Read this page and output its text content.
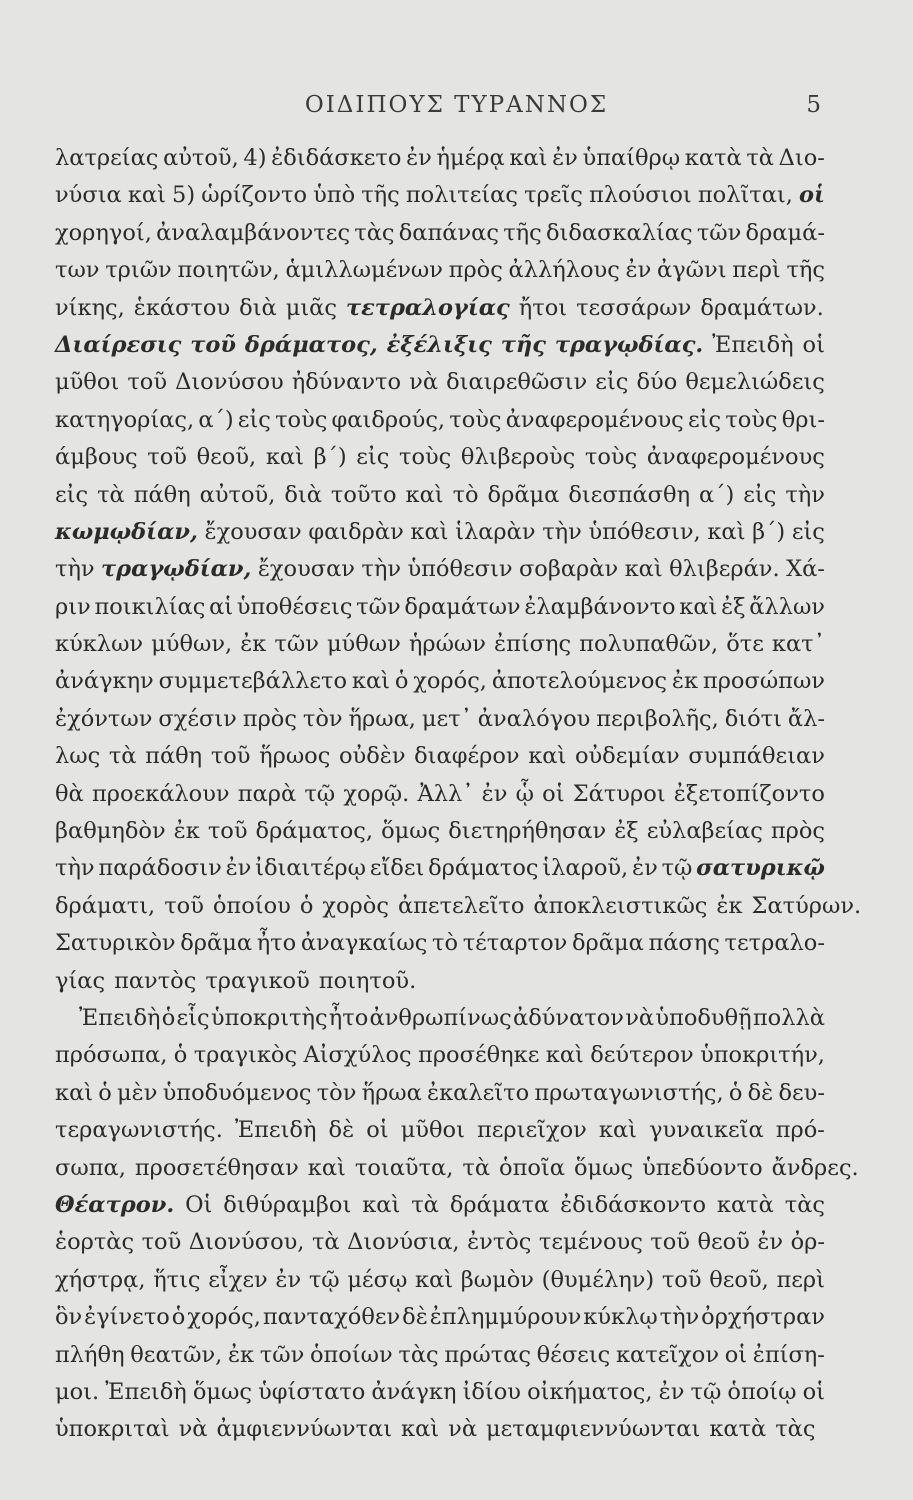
ΟΙΔΙΠΟΥΣ ΤΥΡΑΝΝΟΣ	5
λατρείας αὐτοῦ, 4) ἐδιδάσκετο ἐν ἡμέρᾳ καὶ ἐν ὑπαίθρῳ κατὰ τὰ Διο-
νύσια καὶ 5) ὡρίζοντο ὑπὸ τῆς πολιτείας τρεῖς πλούσιοι πολῖται, οἱ
χορηγοί, ἀναλαμβάνοντες τὰς δαπάνας τῆς διδασκαλίας τῶν δραμά-
των τριῶν ποιητῶν, ἁμιλλωμένων πρὸς ἀλλήλους ἐν ἀγῶνι περὶ τῆς
νίκης, ἑκάστου διὰ μιᾶς τετραλογίας ἤτοι τεσσάρων δραμάτων.
Διαίρεσις τοῦ δράματος, ἐξέλιξις τῆς τραγῳδίας. Ἐπειδὴ οἱ
μῦθοι τοῦ Διονύσου ἠδύναντο νὰ διαιρεθῶσιν εἰς δύο θεμελιώδεις
κατηγορίας, α΄) εἰς τοὺς φαιδρούς, τοὺς ἀναφερομένους εἰς τοὺς θρι-
άμβους τοῦ θεοῦ, καὶ β΄) εἰς τοὺς θλιβεροὺς τοὺς ἀναφερομένους
εἰς τὰ πάθη αὐτοῦ, διὰ τοῦτο καὶ τὸ δρᾶμα διεσπάσθη α΄) εἰς τὴν
κωμῳδίαν, ἔχουσαν φαιδρὰν καὶ ἱλαρὰν τὴν ὑπόθεσιν, καὶ β΄) εἰς
τὴν τραγῳδίαν, ἔχουσαν τὴν ὑπόθεσιν σοβαρὰν καὶ θλιβεράν. Χά-
ριν ποικιλίας αἱ ὑποθέσεις τῶν δραμάτων ἐλαμβάνοντο καὶ ἐξ ἄλλων
κύκλων μύθων, ἐκ τῶν μύθων ἡρώων ἐπίσης πολυπαθῶν, ὅτε κατ᾿
ἀνάγκην συμμετεβάλλετο καὶ ὁ χορός, ἀποτελούμενος ἐκ προσώπων
ἐχόντων σχέσιν πρὸς τὸν ἥρωα, μετ᾿ ἀναλόγου περιβολῆς, διότι ἄλ-
λως τὰ πάθη τοῦ ἥρωος οὐδὲν διαφέρον καὶ οὐδεμίαν συμπάθειαν
θὰ προεκάλουν παρὰ τῷ χορῷ. Ἀλλ᾿ ἐν ᾧ οἱ Σάτυροι ἐξετοπίζοντο
βαθμηδὸν ἐκ τοῦ δράματος, ὅμως διετηρήθησαν ἐξ εὐλαβείας πρὸς
τὴν παράδοσιν ἐν ἰδιαιτέρῳ εἴδει δράματος ἱλαροῦ, ἐν τῷ σατυρικῷ
δράματι, τοῦ ὁποίου ὁ χορὸς ἀπετελεῖτο ἀποκλειστικῶς ἐκ Σατύρων.
Σατυρικὸν δρᾶμα ἦτο ἀναγκαίως τὸ τέταρτον δρᾶμα πάσης τετραλο-
γίας παντὸς τραγικοῦ ποιητοῦ.
Ἐπειδὴ ὁ εἷς ὑποκριτὴς ἦτο ἀνθρωπίνως ἀδύνατον νὰ ὑποδυθῇ πολλὰ
πρόσωπα, ὁ τραγικὸς Αἰσχύλος προσέθηκε καὶ δεύτερον ὑποκριτήν,
καὶ ὁ μὲν ὑποδυόμενος τὸν ἥρωα ἐκαλεῖτο πρωταγωνιστής, ὁ δὲ δευ-
τεραγωνιστής. Ἐπειδὴ δὲ οἱ μῦθοι περιεῖχον καὶ γυναικεῖα πρό-
σωπα, προσετέθησαν καὶ τοιαῦτα, τὰ ὁποῖα ὅμως ὑπεδύοντο ἄνδρες.
Θέατρον. Οἱ διθύραμβοι καὶ τὰ δράματα ἐδιδάσκοντο κατὰ τὰς
ἑορτὰς τοῦ Διονύσου, τὰ Διονύσια, ἐντὸς τεμένους τοῦ θεοῦ ἐν ὀρ-
χήστρᾳ, ἥτις εἶχεν ἐν τῷ μέσῳ καὶ βωμὸν (θυμέλην) τοῦ θεοῦ, περὶ
ὃν ἐγίνετο ὁ χορός, πανταχόθεν δὲ ἐπλημμύρουν κύκλῳ τὴν ὀρχήστραν
πλήθη θεατῶν, ἐκ τῶν ὁποίων τὰς πρώτας θέσεις κατεῖχον οἱ ἐπίση-
μοι. Ἐπειδὴ ὅμως ὑφίστατο ἀνάγκη ἰδίου οἰκήματος, ἐν τῷ ὁποίῳ οἱ
ὑποκριταὶ νὰ ἀμφιεννύωνται καὶ νὰ μεταμφιεννύωνται κατὰ τὰς
